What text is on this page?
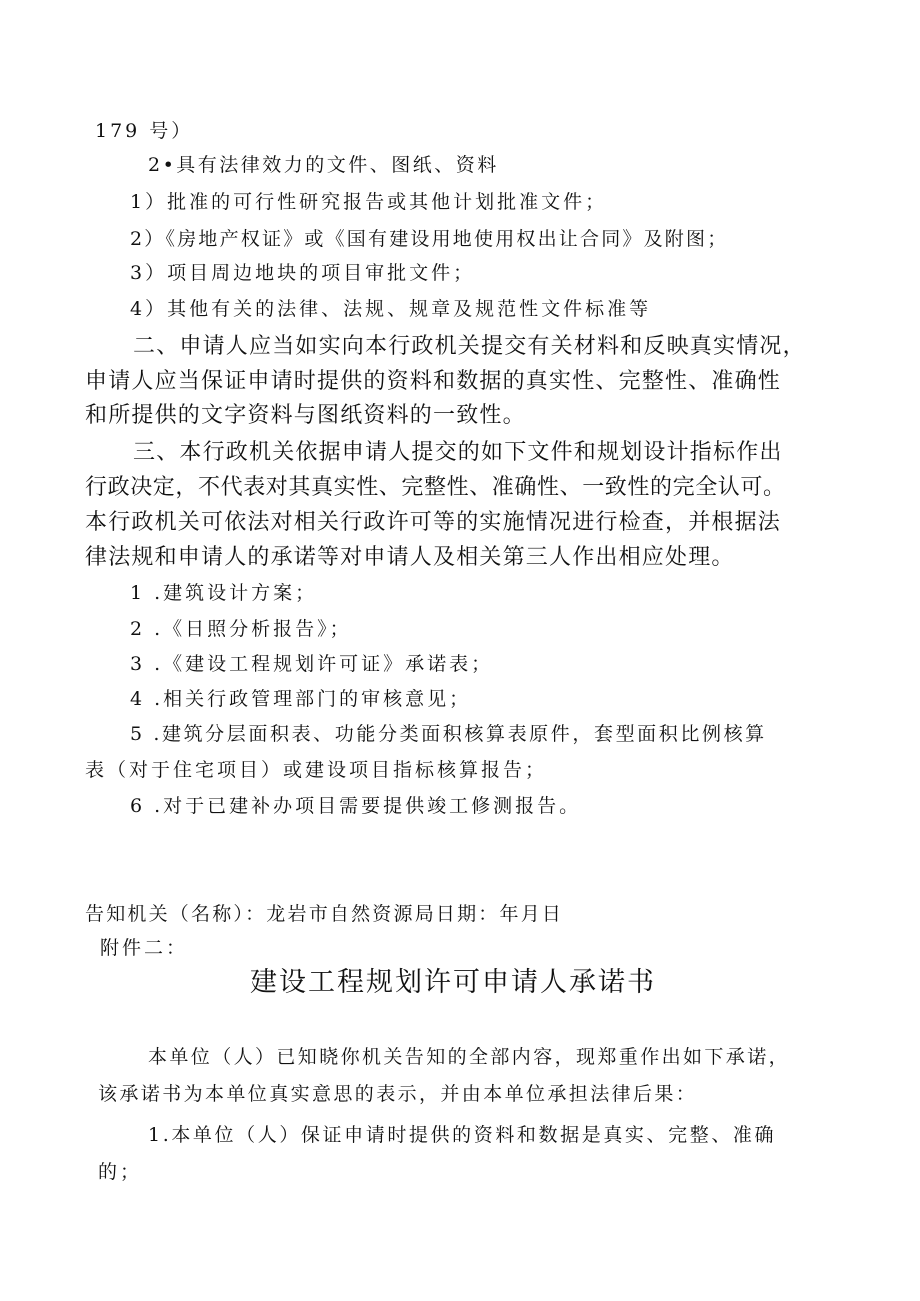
179 号）
2•具有法律效力的文件、图纸、资料
1）批准的可行性研究报告或其他计划批准文件；
2）《房地产权证》或《国有建设用地使用权出让合同》及附图；
3）项目周边地块的项目审批文件；
4）其他有关的法律、法规、规章及规范性文件标准等
二、申请人应当如实向本行政机关提交有关材料和反映真实情况，
申请人应当保证申请时提供的资料和数据的真实性、完整性、准确性
和所提供的文字资料与图纸资料的一致性。
三、本行政机关依据申请人提交的如下文件和规划设计指标作出
行政决定，不代表对其真实性、完整性、准确性、一致性的完全认可。
本行政机关可依法对相关行政许可等的实施情况进行检查，并根据法
律法规和申请人的承诺等对申请人及相关第三人作出相应处理。
1 .建筑设计方案；
2 .《日照分析报告》；
3 .《建设工程规划许可证》承诺表；
4 .相关行政管理部门的审核意见；
5 .建筑分层面积表、功能分类面积核算表原件，套型面积比例核算
表（对于住宅项目）或建设项目指标核算报告；
6 .对于已建补办项目需要提供竣工修测报告。
告知机关（名称）：龙岩市自然资源局日期：年月日
附件二：
建设工程规划许可申请人承诺书
本单位（人）已知晓你机关告知的全部内容，现郑重作出如下承诺，
该承诺书为本单位真实意思的表示，并由本单位承担法律后果：
1.本单位（人）保证申请时提供的资料和数据是真实、完整、准确
的；
